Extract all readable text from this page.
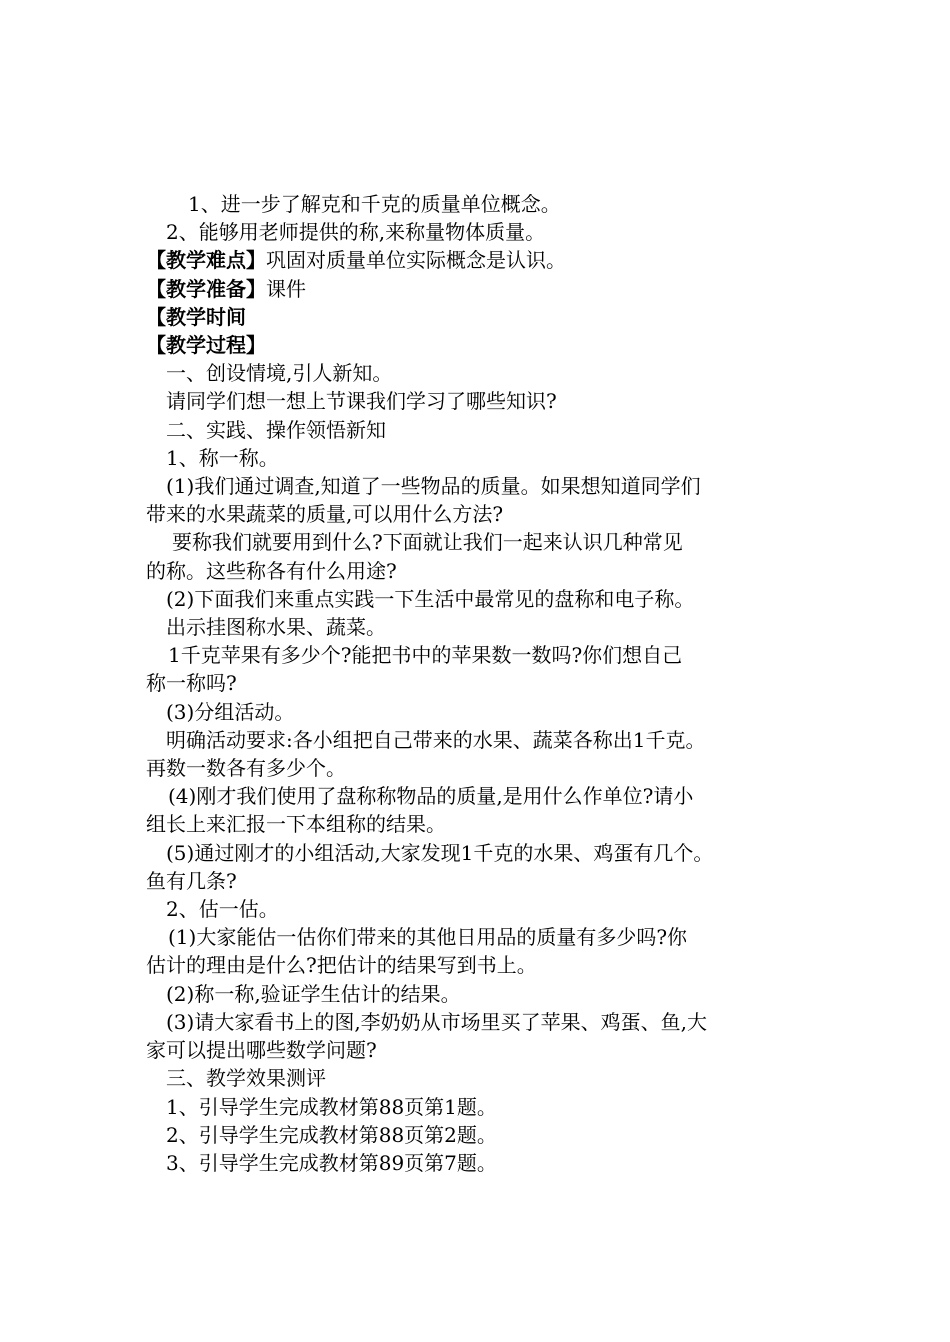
1、进一步了解克和千克的质量单位概念。

2、能够用老师提供的称,来称量物体质量。

【教学难点】巩固对质量单位实际概念是认识。

【教学准备】课件

【教学时间

【教学过程】

一、创设情境,引人新知。

请同学们想一想上节课我们学习了哪些知识?

二、实践、操作领悟新知

1、称一称。

(1)我们通过调查,知道了一些物品的质量。如果想知道同学们

带来的水果蔬菜的质量,可以用什么方法?

要称我们就要用到什么?下面就让我们一起来认识几种常见

的称。这些称各有什么用途?

(2)下面我们来重点实践一下生活中最常见的盘称和电子称。

出示挂图称水果、蔬菜。

1千克苹果有多少个?能把书中的苹果数一数吗?你们想自己

称一称吗?

(3)分组活动。

明确活动要求:各小组把自己带来的水果、蔬菜各称出1千克。

再数一数各有多少个。

(4)刚才我们使用了盘称称物品的质量,是用什么作单位?请小

组长上来汇报一下本组称的结果。

(5)通过刚才的小组活动,大家发现1千克的水果、鸡蛋有几个。

鱼有几条?

2、估一估。

(1)大家能估一估你们带来的其他日用品的质量有多少吗?你

估计的理由是什么?把估计的结果写到书上。

(2)称一称,验证学生估计的结果。

(3)请大家看书上的图,李奶奶从市场里买了苹果、鸡蛋、鱼,大

家可以提出哪些数学问题?

三、教学效果测评

1、引导学生完成教材第88页第1题。

2、引导学生完成教材第88页第2题。

3、引导学生完成教材第89页第7题。
